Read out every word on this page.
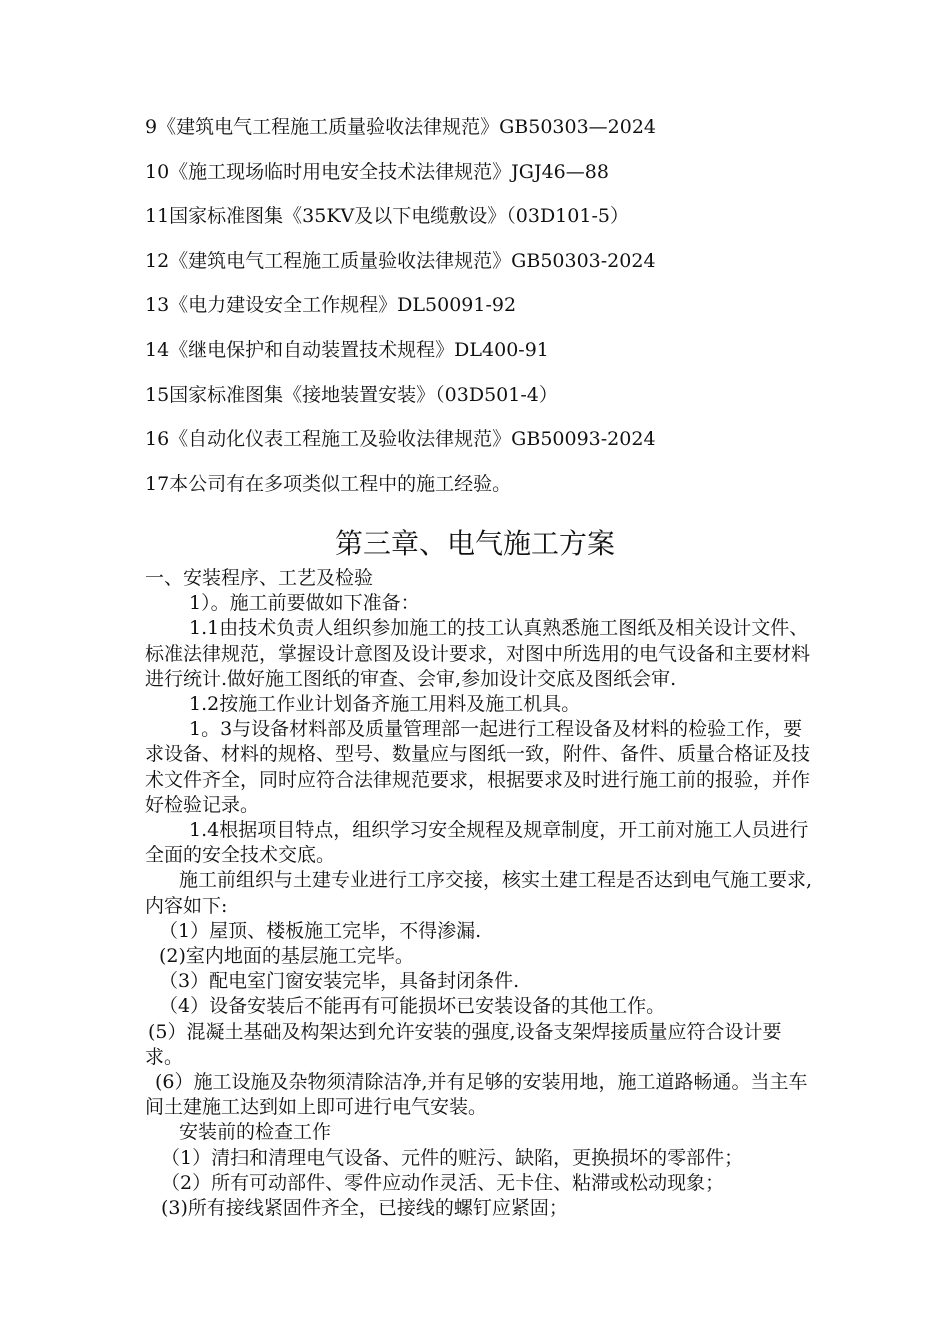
9《建筑电气工程施工质量验收法律规范》GB50303—2024
10《施工现场临时用电安全技术法律规范》JGJ46—88
11国家标准图集《35KV及以下电缆敷设》（03D101-5）
12《建筑电气工程施工质量验收法律规范》GB50303-2024
13《电力建设安全工作规程》DL50091-92
14《继电保护和自动装置技术规程》DL400-91
15国家标准图集《接地装置安装》（03D501-4）
16《自动化仪表工程施工及验收法律规范》GB50093-2024
17本公司有在多项类似工程中的施工经验。
第三章、电气施工方案

一、安装程序、工艺及检验

1）。施工前要做如下准备：

1.1由技术负责人组织参加施工的技工认真熟悉施工图纸及相关设计文件、标准法律规范，掌握设计意图及设计要求，对图中所选用的电气设备和主要材料进行统计.做好施工图纸的审查、会审,参加设计交底及图纸会审.

1.2按施工作业计划备齐施工用料及施工机具。

1。3与设备材料部及质量管理部一起进行工程设备及材料的检验工作，要求设备、材料的规格、型号、数量应与图纸一致，附件、备件、质量合格证及技术文件齐全，同时应符合法律规范要求，根据要求及时进行施工前的报验，并作好检验记录。

1.4根据项目特点，组织学习安全规程及规章制度，开工前对施工人员进行全面的安全技术交底。

施工前组织与土建专业进行工序交接，核实土建工程是否达到电气施工要求,内容如下:

（1）屋顶、楼板施工完毕，不得渗漏.

(2)室内地面的基层施工完毕。

（3）配电室门窗安装完毕，具备封闭条件.

（4）设备安装后不能再有可能损坏已安装设备的其他工作。

(5）混凝土基础及构架达到允许安装的强度,设备支架焊接质量应符合设计要求。

(6）施工设施及杂物须清除洁净,并有足够的安装用地，施工道路畅通。当主车间土建施工达到如上即可进行电气安装。

安装前的检查工作

（1）清扫和清理电气设备、元件的赃污、缺陷，更换损坏的零部件；

（2）所有可动部件、零件应动作灵活、无卡住、粘滞或松动现象；

(3)所有接线紧固件齐全，已接线的螺钉应紧固；
